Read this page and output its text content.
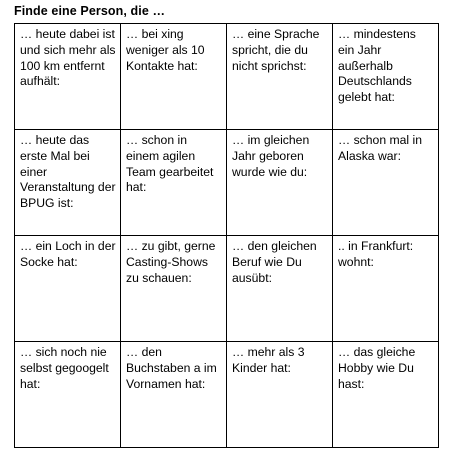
Finde eine Person, die …
… heute dabei ist und sich mehr als 100 km entfernt aufhält:	… bei xing weniger als 10 Kontakte hat:	… eine Sprache spricht, die du nicht sprichst:	… mindestens ein Jahr außerhalb Deutschlands gelebt hat:
… heute das erste Mal bei einer Veranstaltung der BPUG ist:	… schon in einem agilen Team gearbeitet hat:	… im gleichen Jahr geboren wurde wie du:	… schon mal in Alaska war:
… ein Loch in der Socke hat:	… zu gibt, gerne Casting-Shows zu schauen:	… den gleichen Beruf wie Du ausübt:	.. in Frankfurt: wohnt:
… sich noch nie selbst gegoogelt hat:	… den Buchstaben a im Vornamen hat:	… mehr als 3 Kinder hat:	… das gleiche Hobby wie Du hast:
